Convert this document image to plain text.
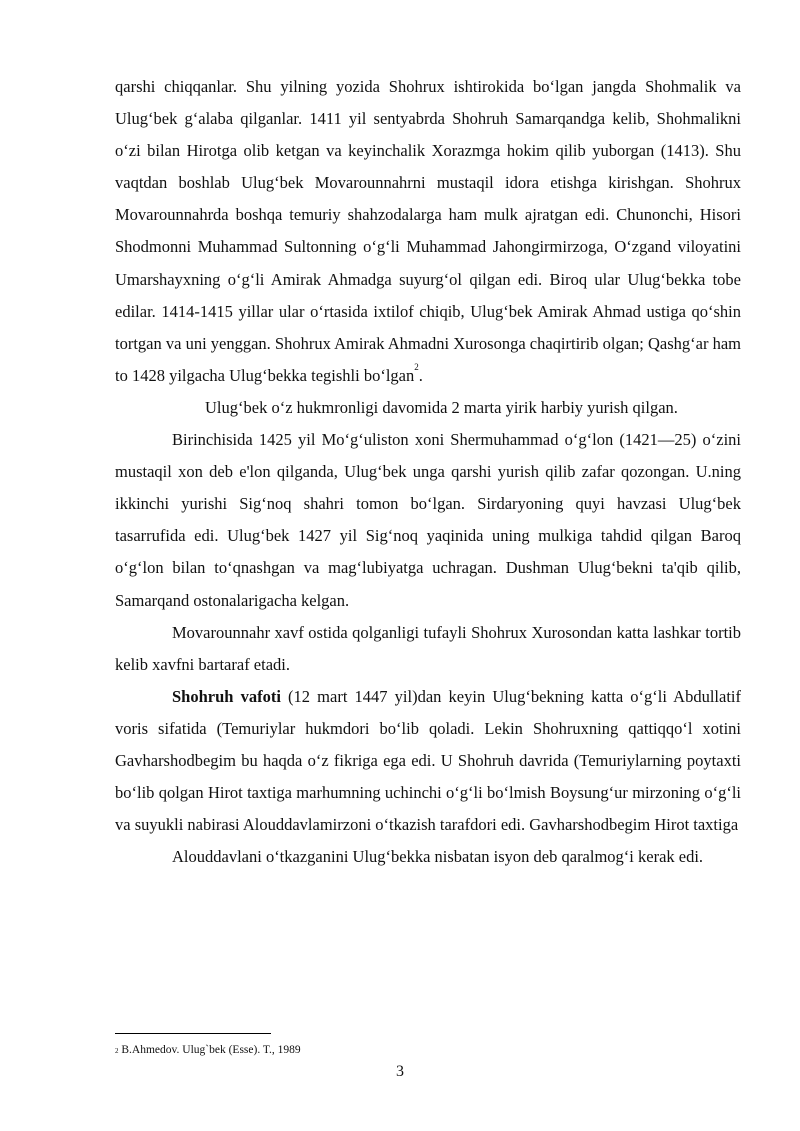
qarshi chiqqanlar. Shu yilning yozida Shohrux ishtirokida bo‘lgan jangda Shohmalik va Ulug‘bek g‘alaba qilganlar. 1411 yil sentyabrda Shohruh Samarqandga kelib, Shohmalikni o‘zi bilan Hirotga olib ketgan va keyinchalik Xorazmga hokim qilib yuborgan (1413). Shu vaqtdan boshlab Ulug‘bek Movarounnahrni mustaqil idora etishga kirishgan. Shohrux Movarounnahrda boshqa temuriy shahzodalarga ham mulk ajratgan edi. Chunonchi, Hisori Shodmonni Muhammad Sultonning o‘g‘li Muhammad Jahongirmirzoga, O‘zgand viloyatini Umarshayxning o‘g‘li Amirak Ahmadga suyurg‘ol qilgan edi. Biroq ular Ulug‘bekka tobe edilar. 1414-1415 yillar ular o‘rtasida ixtilof chiqib, Ulug‘bek Amirak Ahmad ustiga qo‘shin tortgan va uni yenggan. Shohrux Amirak Ahmadni Xurosonga chaqirtirib olgan; Qashg‘ar ham to 1428 yilgacha Ulug‘bekka tegishli bo‘lgan$^2$.

Ulug‘bek o‘z hukmronligi davomida 2 marta yirik harbiy yurish qilgan.

Birinchisida 1425 yil Mo‘g‘uliston xoni Shermuhammad o‘g‘lon (1421—25) o‘zini mustaqil xon deb e'lon qilganda, Ulug‘bek unga qarshi yurish qilib zafar qozongan. U.ning ikkinchi yurishi Sig‘noq shahri tomon bo‘lgan. Sirdaryoning quyi havzasi Ulug‘bek tasarrufida edi. Ulug‘bek 1427 yil Sig‘noq yaqinida uning mulkiga tahdid qilgan Baroq o‘g‘lon bilan to‘qnashgan va mag‘lubiyatga uchragan. Dushman Ulug‘bekni ta'qib qilib, Samarqand ostonalarigacha kelgan.

Movarounnahr xavf ostida qolganligi tufayli Shohrux Xurosondan katta lashkar tortib kelib xavfni bartaraf etadi.

Shohruh vafoti (12 mart 1447 yil)dan keyin Ulug‘bekning katta o‘g‘li Abdullatif voris sifatida (Temuriylar hukmdori bo‘lib qoladi. Lekin Shohruxning qattiqqo‘l xotini Gavharshodbegim bu haqda o‘z fikriga ega edi. U Shohruh davrida (Temuriylarning poytaxti bo‘lib qolgan Hirot taxtiga marhumning uchinchi o‘g‘li bo‘lmish Boysung‘ur mirzoning o‘g‘li va suyukli nabirasi Alouddavlamirzoni o‘tkazish tarafdori edi. Gavharshodbegim Hirot taxtiga

Alouddavlani o‘tkazganini Ulug‘bekka nisbatan isyon deb qaralmog‘i kerak edi.

$^2$ B.Ahmedov. Ulug`bek (Esse). T., 1989
3
